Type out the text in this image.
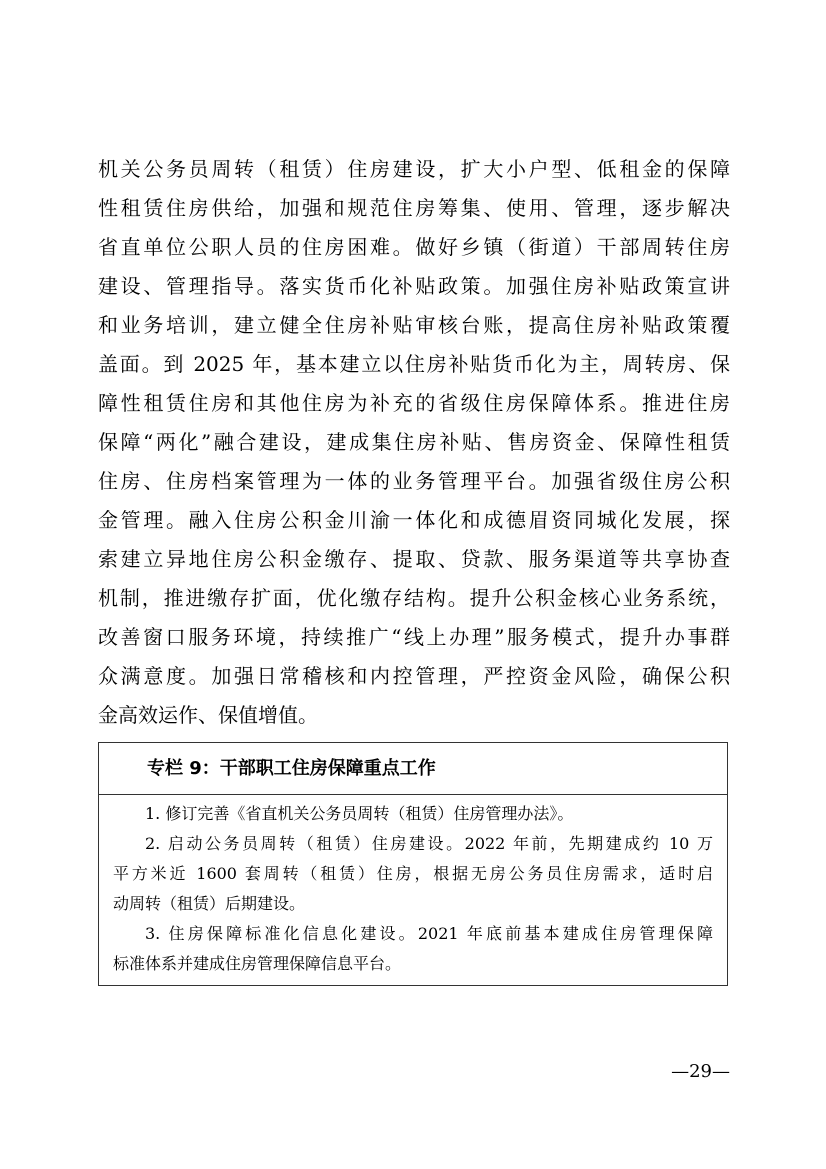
机关公务员周转（租赁）住房建设，扩大小户型、低租金的保障
性租赁住房供给，加强和规范住房筹集、使用、管理，逐步解决
省直单位公职人员的住房困难。做好乡镇（街道）干部周转住房
建设、管理指导。落实货币化补贴政策。加强住房补贴政策宣讲
和业务培训，建立健全住房补贴审核台账，提高住房补贴政策覆
盖面。到 2025 年，基本建立以住房补贴货币化为主，周转房、保
障性租赁住房和其他住房为补充的省级住房保障体系。推进住房
保障“两化”融合建设，建成集住房补贴、售房资金、保障性租赁
住房、住房档案管理为一体的业务管理平台。加强省级住房公积
金管理。融入住房公积金川渝一体化和成德眉资同城化发展，探
索建立异地住房公积金缴存、提取、贷款、服务渠道等共享协查
机制，推进缴存扩面，优化缴存结构。提升公积金核心业务系统，
改善窗口服务环境，持续推广“线上办理”服务模式，提升办事群
众满意度。加强日常稽核和内控管理，严控资金风险，确保公积
金高效运作、保值增值。
专栏 9：干部职工住房保障重点工作
1. 修订完善《省直机关公务员周转（租赁）住房管理办法》。
2. 启动公务员周转（租赁）住房建设。2022 年前，先期建成约 10 万
平方米近 1600 套周转（租赁）住房，根据无房公务员住房需求，适时启
动周转（租赁）后期建设。
3. 住房保障标准化信息化建设。2021 年底前基本建成住房管理保障
标准体系并建成住房管理保障信息平台。
—29—
